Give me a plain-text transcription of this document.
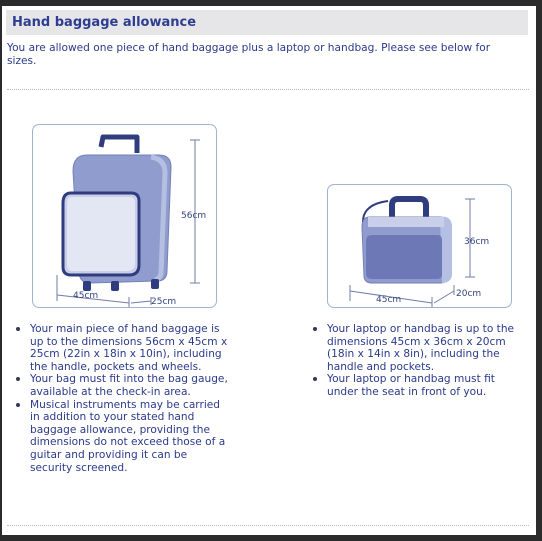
Hand baggage allowance
You are allowed one piece of hand baggage plus a laptop or handbag. Please see below for sizes.
56cm
45cm
25cm
36cm
45cm
20cm
Your main piece of hand baggage is up to the dimensions 56cm x 45cm x 25cm (22in x 18in x 10in), including the handle, pockets and wheels.
Your bag must fit into the bag gauge, available at the check-in area.
Musical instruments may be carried in addition to your stated hand baggage allowance, providing the dimensions do not exceed those of a guitar and providing it can be security screened.
Your laptop or handbag is up to the dimensions 45cm x 36cm x 20cm (18in x 14in x 8in), including the handle and pockets.
Your laptop or handbag must fit under the seat in front of you.
